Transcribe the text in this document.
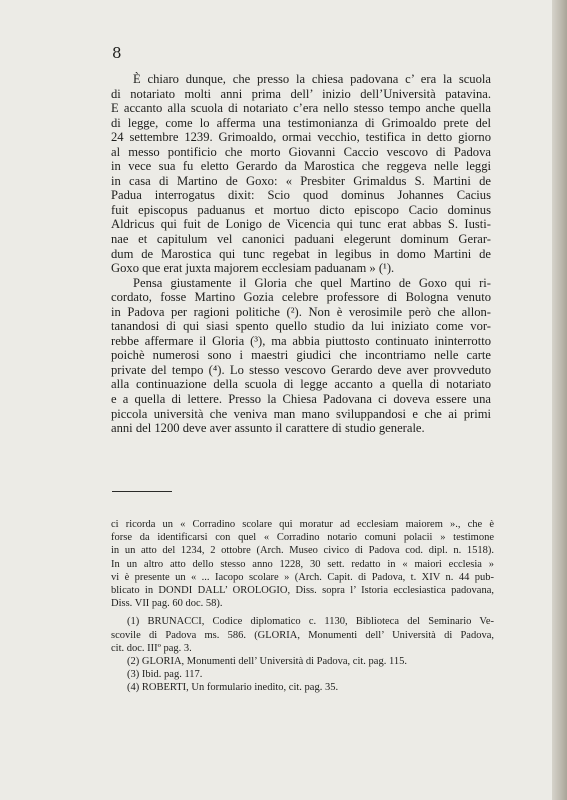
8
È chiaro dunque, che presso la chiesa padovana c’ era la scuola
di notariato molti anni prima dell’ inizio dell’Università patavina.
E accanto alla scuola di notariato c’era nello stesso tempo anche quella
di legge, come lo afferma una testimonianza di Grimoaldo prete del
24 settembre 1239. Grimoaldo, ormai vecchio, testifica in detto giorno
al messo pontificio che morto Giovanni Caccio vescovo di Padova
in vece sua fu eletto Gerardo da Marostica che reggeva nelle leggi
in casa di Martino de Goxo: « Presbiter Grimaldus S. Martini de
Padua interrogatus dixit: Scio quod dominus Johannes Cacius
fuit episcopus paduanus et mortuo dicto episcopo Cacio dominus
Aldricus qui fuit de Lonigo de Vicencia qui tunc erat abbas S. Iusti-
nae et capitulum vel canonici paduani elegerunt dominum Gerar-
dum de Marostica qui tunc regebat in legibus in domo Martini de
Goxo que erat juxta majorem ecclesiam paduanam » (¹).
Pensa giustamente il Gloria che quel Martino de Goxo qui ri-
cordato, fosse Martino Gozia celebre professore di Bologna venuto
in Padova per ragioni politiche (²). Non è verosimile però che allon-
tanandosi di qui siasi spento quello studio da lui iniziato come vor-
rebbe affermare il Gloria (³), ma abbia piuttosto continuato ininterrotto
poichè numerosi sono i maestri giudici che incontriamo nelle carte
private del tempo (⁴). Lo stesso vescovo Gerardo deve aver provveduto
alla continuazione della scuola di legge accanto a quella di notariato
e a quella di lettere. Presso la Chiesa Padovana ci doveva essere una
piccola università che veniva man mano sviluppandosi e che ai primi
anni del 1200 deve aver assunto il carattere di studio generale.
ci ricorda un « Corradino scolare qui moratur ad ecclesiam maiorem »., che è
forse da identificarsi con quel « Corradino notario comuni polacii » testimone
in un atto del 1234, 2 ottobre (Arch. Museo civico di Padova cod. dipl. n. 1518).
In un altro atto dello stesso anno 1228, 30 sett. redatto in « maiori ecclesia »
vi è presente un « ... Iacopo scolare » (Arch. Capit. di Padova, t. XIV n. 44 pub-
blicato in DONDI DALL’ OROLOGIO, Diss. sopra l’ Istoria ecclesiastica padovana,
Diss. VII pag. 60 doc. 58).
(1) BRUNACCI, Codice diplomatico c. 1130, Biblioteca del Seminario Ve-
scovile di Padova ms. 586. (GLORIA, Monumenti dell’ Università di Padova,
cit. doc. IIIº pag. 3.
(2) GLORIA, Monumenti dell’ Università di Padova, cit. pag. 115.
(3) Ibid. pag. 117.
(4) ROBERTI, Un formulario inedito, cit. pag. 35.
